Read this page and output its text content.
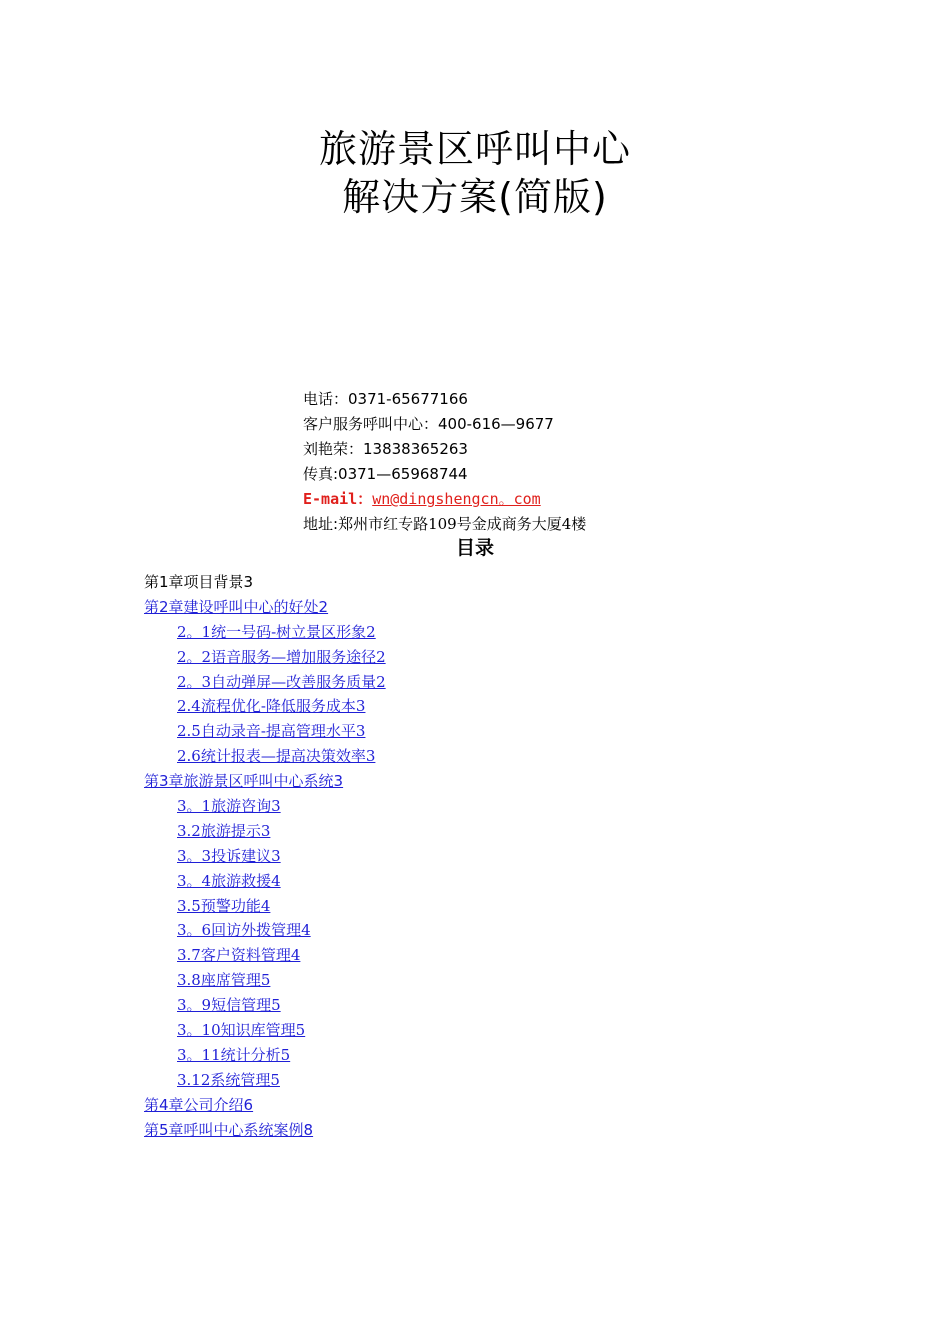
旅游景区呼叫中心
解决方案(简版)
电话：0371-65677166
客户服务呼叫中心：400-616—9677
刘艳荣：13838365263
传真:0371—65968744
E-mail：wn@dingshengcn。com
地址:郑州市红专路109号金成商务大厦4楼
目录
第1章项目背景3
第2章建设呼叫中心的好处2
2。1统一号码-树立景区形象2
2。2语音服务—增加服务途径2
2。3自动弹屏—改善服务质量2
2.4流程优化-降低服务成本3
2.5自动录音-提高管理水平3
2.6统计报表—提高决策效率3
第3章旅游景区呼叫中心系统3
3。1旅游咨询3
3.2旅游提示3
3。3投诉建议3
3。4旅游救援4
3.5预警功能4
3。6回访外拨管理4
3.7客户资料管理4
3.8座席管理5
3。9短信管理5
3。10知识库管理5
3。11统计分析5
3.12系统管理5
第4章公司介绍6
第5章呼叫中心系统案例8
